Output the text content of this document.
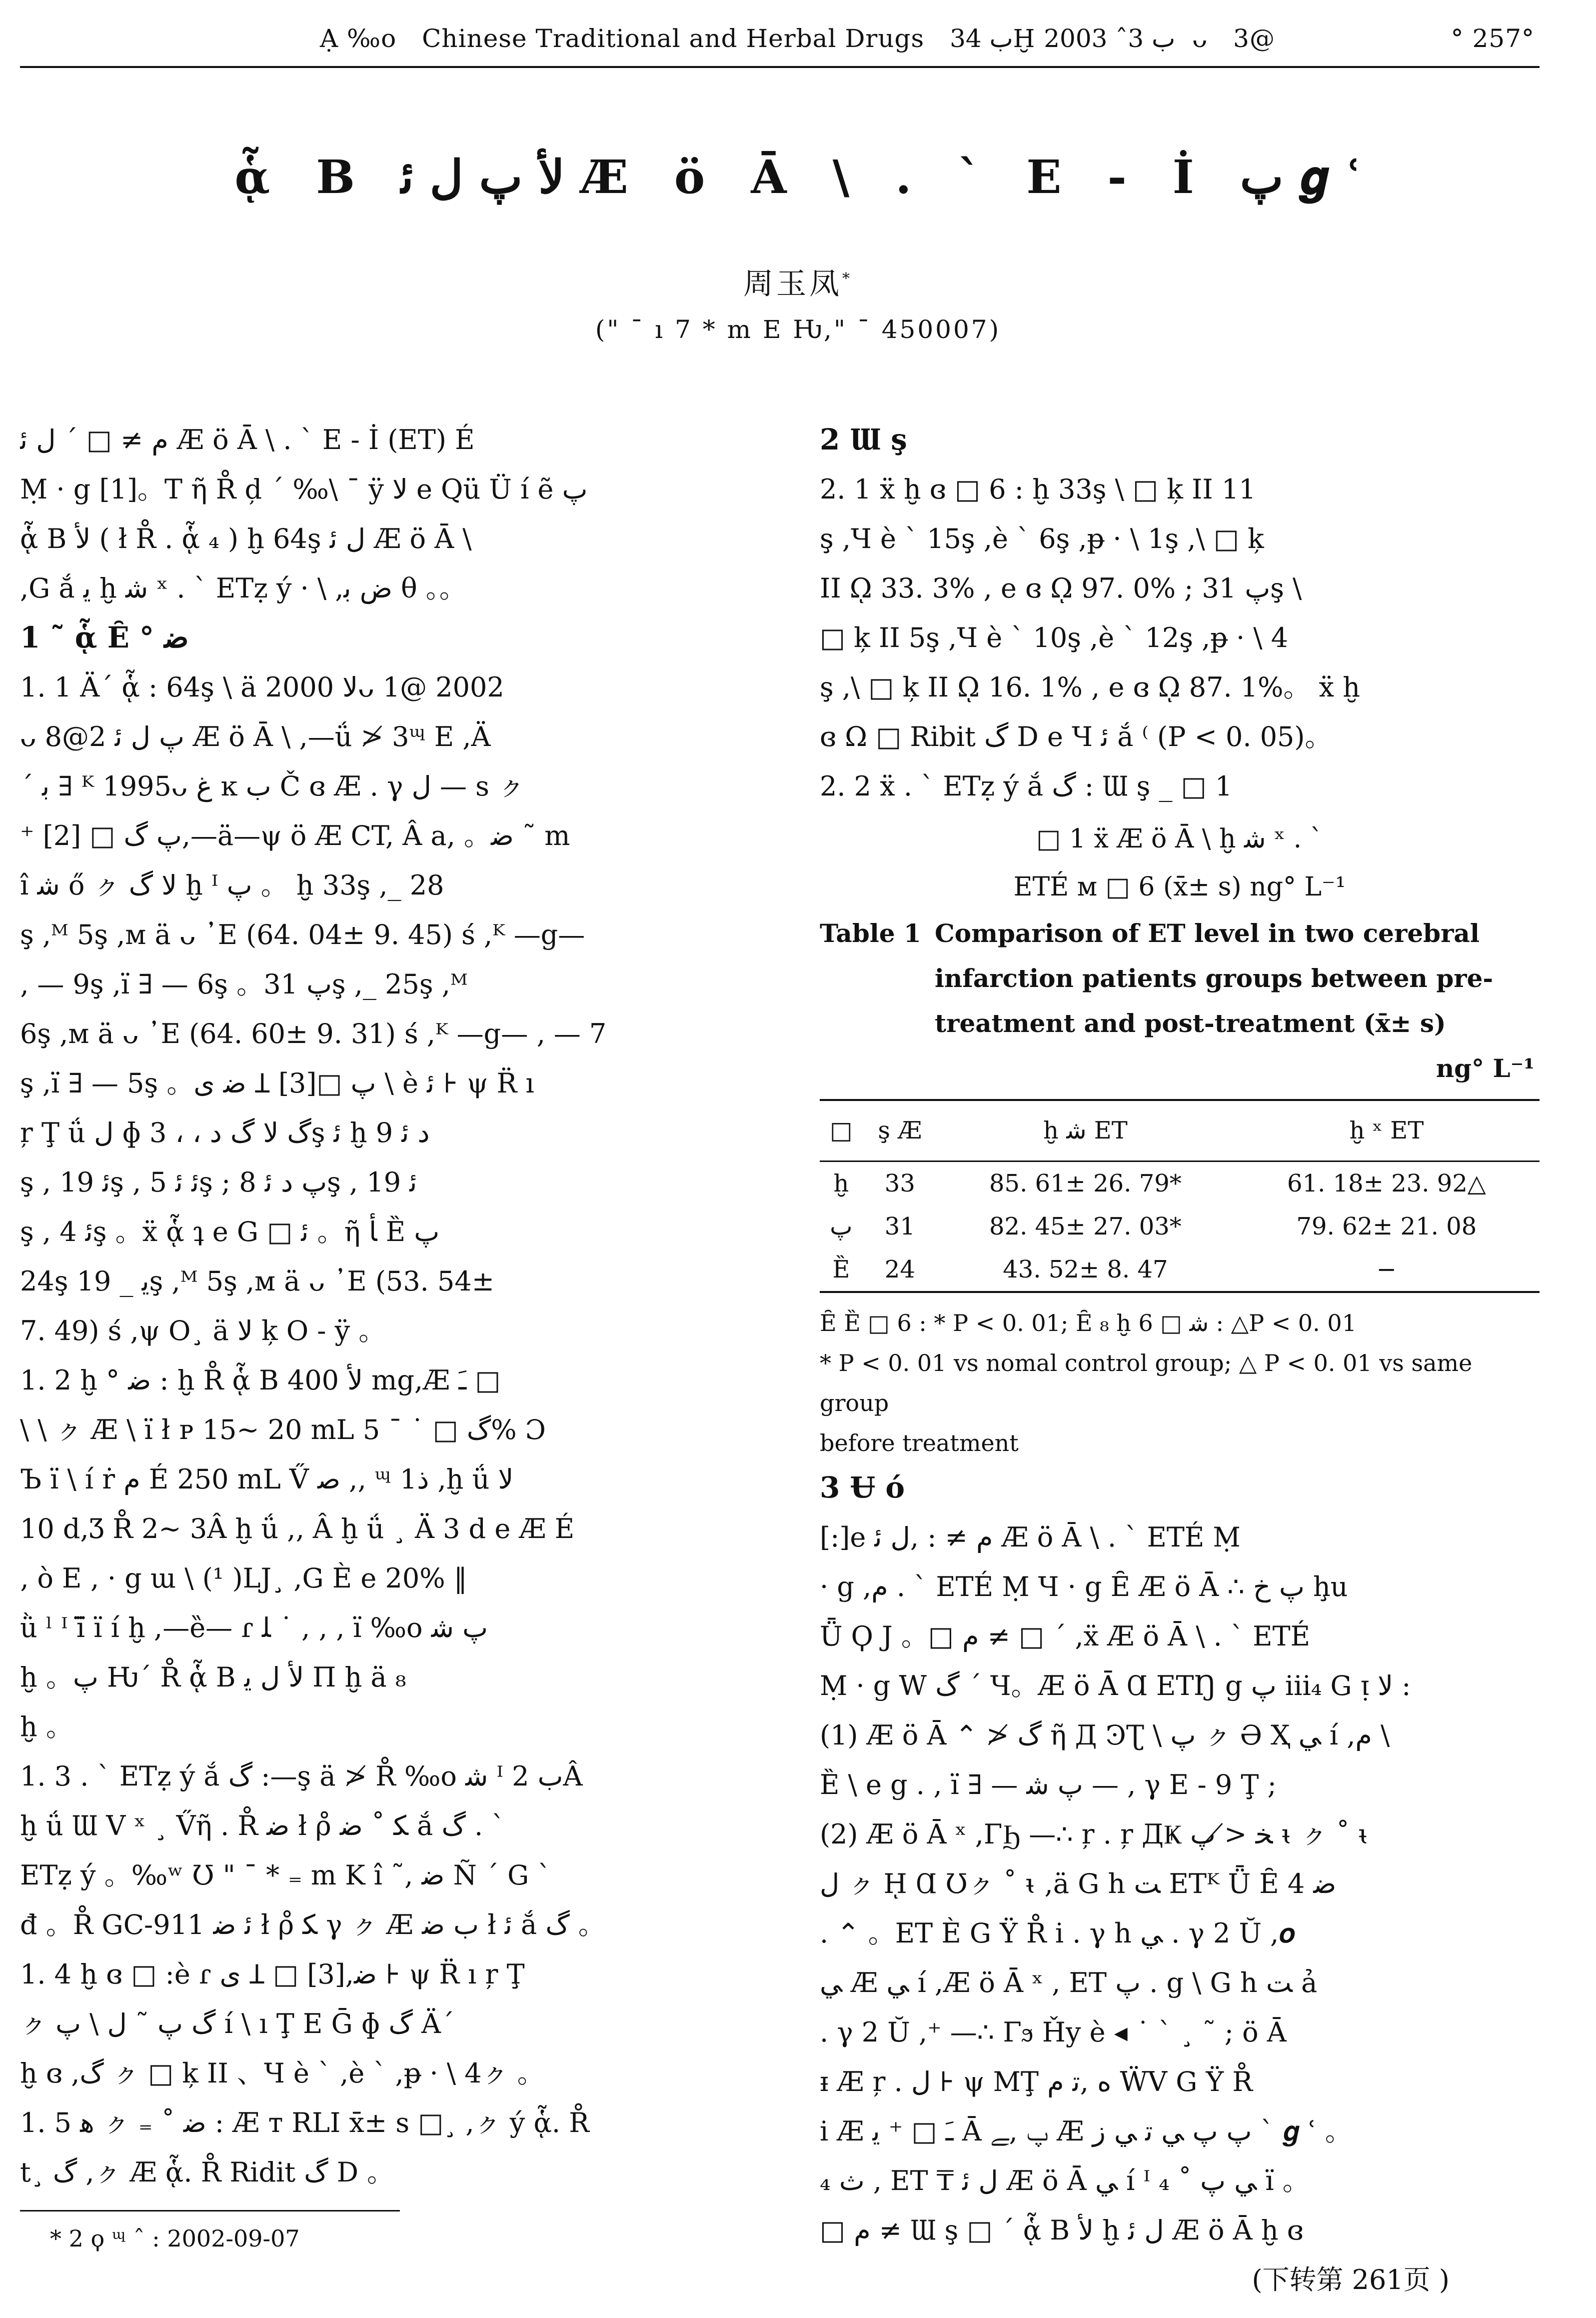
Ạ ‰o Chinese Traditional and Herbal Drugs ب 34Ḫ ب 3ˆ 2003ᴗ 3@	° 257°
ᾇ B ﻷ ﭖ ﻝ ﺋ Æ ö Ā \ . ` E ‑ İ ﭖ 𝒈 ʿ
周玉凤*
(" ¯ ı 7 * m E Ƕ," ¯ 450007)

ﻡ ≠ □ ´ ﻝ ﺋ Æ ö Ā \ . ` E ‑ İ (ET) É
Ṃ · g [1]。T ῆ R̊ d̦ ´ ‰\ ¯ ÿ ﻻ e Qü Ü í ẽ ﭖ
ᾇ B ﻷ ( ł R̊ . ᾇ ₄ ) ḫ 64ş ﻝ ﺋ Æ ö Ā \
,G ắ ﻳ ḫ ﺷ ˣ . ` ETẓ ý · \ ,ﺽ ﺑ θ 。。

1 ˜ ᾇ Ȇ ° ﺿ

1. 1 Ä´ ᾇ : 64ş \ ä ﻻ 2000ᴗ 1@ 2002
ᴗ 8@2 ﭖ ﻝ ﺋ Æ ö Ā \ ,—ǘ ≯ 3ᶭ E ,Ä
´ ﺑ ∃ ᴷ 1995ᴗ ﻍ ĸ ﺏ Č ɞ Æ . γ ﻝ — s ㇰ
⁺ ﭖ ﮒ □ [2],—ä—ψ ö Æ CT, Â a, 。ﺿ ˜ m
î ﺷ ő ㇰ ﻻ ﮒ ḫ ᴵ ﭖ 。 ḫ 33ş ,_ 28
ş ,ᴹ 5ş ,ᴍ ä ᴗ ᾿E (64. 04± 9. 45) ś ,ᴷ —g—
‚ — 9ş ,ï ∃ — 6ş 。ﭖ 31ş ,_ 25ş ,ᴹ
6ş ,ᴍ ä ᴗ ᾿E (64. 60± 9. 31) ś ,ᴷ —g— ‚ — 7
ş ,ï ∃ — 5ş 。ﺿ ﻯ Ʇ [3]□ ﭖ \ è ﺋ ⊦ ψ R̈ ı
ŗ Ţ ǘ ﻝ ɸ ﮒ ﻻ ﮒ ﺩ ، ، 3ş ﺋ ḫ ﺩ ﺋ 9
ş , ﺋ 19ş , ﺋ ﺋ 5ş ; ﭖ ﺩ ﺋ 8ş , ﺋ 19
ş , ﺋ 4ş 。ẍ ᾇ ʇ e G □ ﺋ 。ῆ ﺄ Ȅ ﭖ
24ş ﻳ _ 19ş ,ᴹ 5ş ,ᴍ ä ᴗ ᾿E (53. 54±
7. 49) ś ,ψ O¸ ä ﻻ ķ O ‑ ÿ 。

1. 2 ḫ ° ﺿ : ḫ R̊ ᾇ B ﻷ 400 mg,Æ ﹷ □
\ \ ㇰ Æ \ ï ł ᴘ 15~ 20 mL ﮒ □ ˙ ¯ 5% Ɔ
Ъ ï \ í ṙ ﻡ É 250 mL V̋ ﺻ ,‚ ᶭ 1ﺫ ,ḫ ǘ ﻻ
10 d,Ʒ R̊ 2~ 3Â ḫ ǘ ,‚ Â ḫ ǘ ¸ Ä 3 d e Æ É
‚ ò E ‚ · g ɯ \ (¹ )LJ¸ ,G È e 20% ‖
ǜ ˡ ᴵ ï̈ ï í ḫ ,—ȅ— ɾ ﻠ ˙ , ‚ ‚ ï ‰o ﭖ ﺷ
ḫ 。ﭖ Ƕ´ R̊ ᾇ B ﻷ ﻝ ﻳ Π ḫ ä ₈
ḫ 。

1. 3 . ` ETẓ ý ắ ﮒ :—ş ä ≯ R̊ ‰o ﺷ ᴵ ﺏ 2Â
ḫ ǘ Ɯ V ˣ ¸ V̋ῆ . R̊ ﺿ ł ρ̊ ﻜ ˚ ﺿ ắ ﮒ . `
ETẓ ý 。‰ʷ Ʊ " ¯ * ₌ m K î ˜, ﺿ Ñ ´ G `
đ 。R̊ GC-911 ﺋ ﺿ ł ρ̊ ﻜ γ ㇰ Æ ﺏ ﺿ ł ﺋ ắ ﮒ 。

1. 4 ḫ ɞ □ :è ɾ ﻯ Ʇ □ [3],ﺿ ⊦ ψ R̈ ı ŗ Ţ
ㇰ ﮒ ﭖ ˜ ﻝ \ ﭖ í \ ı Ţ E Ḡ ɸ ﮒ Ä´
ḫ ɞ ,ﮒ ㇰ □ ķ II 、Ч è ` ,è ` ,ᵽ · \ 4ㇰ 。

1. 5 ﻫ ㇰ ₌ ˚ ﺿ : Æ ᴛ RLI x̄± s □¸ ,ㇰ ý ᾇ. R̊
t¸ ﮒ ,ㇰ Æ ᾇ. R̊ Ridit ﮒ D 。

2 Ɯ ş

2. 1 ẍ ḫ ɞ □ 6 : ḫ 33ş \ □ ķ II 11
ş ,Ч è ` 15ş ,è ` 6ş ,ᵽ · \ 1ş ,\ □ ķ
II ῼ 33. 3% , e ɞ ῼ 97. 0% ; ﭖ 31ş \
□ ķ II 5ş ,Ч è ` 10ş ,è ` 12ş ,ᵽ · \ 4
ş ,\ □ ķ II ῼ 16. 1% , e ɞ ῼ 87. 1%。 ẍ ḫ
ɞ Ω □ Ribit ﮒ D e Ч ﺋ ắ ⁽ (P < 0. 05)。

2. 2 ẍ . ` ETẓ ý ắ ﮒ : Ɯ ş _ □ 1

□ 1 ẍ Æ ö Ā \ ḫ ﺷ ˣ . `
ETÉ ᴍ □ 6 (x̄± s) ng° L⁻¹
Table 1 Comparison of ET level in two cerebral infarction patients groups between pre-treatment and post-treatment (x̄± s)
ng° L⁻¹
□	ş Æ	ḫ ﺷ ET	ḫ ˣ ET
ḫ	33	85. 61± 26. 79*	61. 18± 23. 92△
ﭖ	31	82. 45± 27. 03*	79. 62± 21. 08
Ȅ	24	43. 52± 8. 47	−
Ȇ Ȅ □ 6 : * P < 0. 01; Ȇ ₈ ḫ ﺷ □ 6 : △P < 0. 01
* P < 0. 01 vs nomal control group; △ P < 0. 01 vs same group
before treatment
3 Ʉ ó

[:]e ﻡ ≠ : ,ﻝ ﺋ Æ ö Ā \ . ` ETÉ Ṃ
· g ,ﻡ . ` ETÉ Ṃ Ч · g Ȇ Æ ö Ā ∴ ﭖ ﺥ ḩu
Ǖ Ϙ J 。□ ﻡ ≠ □ ´ ,ẍ Æ ö Ā \ . ` ETÉ
Ṃ · g W ﮒ ´ Ч。Æ ö Ā Ɑ ETŊ g ﭖ iii₄ G ᴉ ﻻ :
(1) Æ ö Ā ⌃ ≯ ﮒ ῆ Д ϿƮ \ ﭖ ㇰ Ә Ҳ ﻲ í ,ﻡ \
Ȅ \ e g . ‚ ï ∃ — ﭖ ﺷ — , γ E ‑ 9 Ţ ;
(2) Æ ö Ā ˣ ,ΓϦ —∴ ŗ . ŗ ДҜ ﺨ ≯ ﭖ ᵼ ㇰ ˚ ᵼ
ﻝ ㇰ ῌ Ɑ Ʊㇰ ˚ ᵼ ,ä G h ﺖ ETᴷ Ǖ Ȇ 4 ﺿ
. ⌃ 。ET È G Ÿ R̊ i . γ h ﻲ . γ 2 Ŭ ,𝒐
ﻲ Æ ﻲ í ,Æ ö Ā ˣ , ET ﭖ . g \ G h ﺖ ả
. γ 2 Ŭ ,⁺ —∴ Γϧ Ȟy è ◂ ˙ ` ¸ ˜ ; ö Ā
ᵻ Æ ŗ . ﻝ ⊦ ψ MŢ ﻩ ,ﺗ ﻡ ẄV G Ÿ R̊
i Æ ﹷ □ ⁺ ﻳ Ā ﭖ ,ﮯ Æ ﭖ ﭖ ﻲ ﺗ ﻲ ﺯ ˋ 𝒈 ʿ 。
₄ ﺙ , ET ₸ ﻝ ﺋ Æ ö Ā ﻲ í ᴵ ﻲ ﭖ ˚ ₄ ï 。
□ ﻡ ≠ Ɯ ş □ ´ ᾇ B ﻷ ḫ ﻝ ﺋ Æ ö Ā ḫ ɞ

(下转第 261页 )
* 2 ϙ ᶭ ˆ : 2002-09-07
